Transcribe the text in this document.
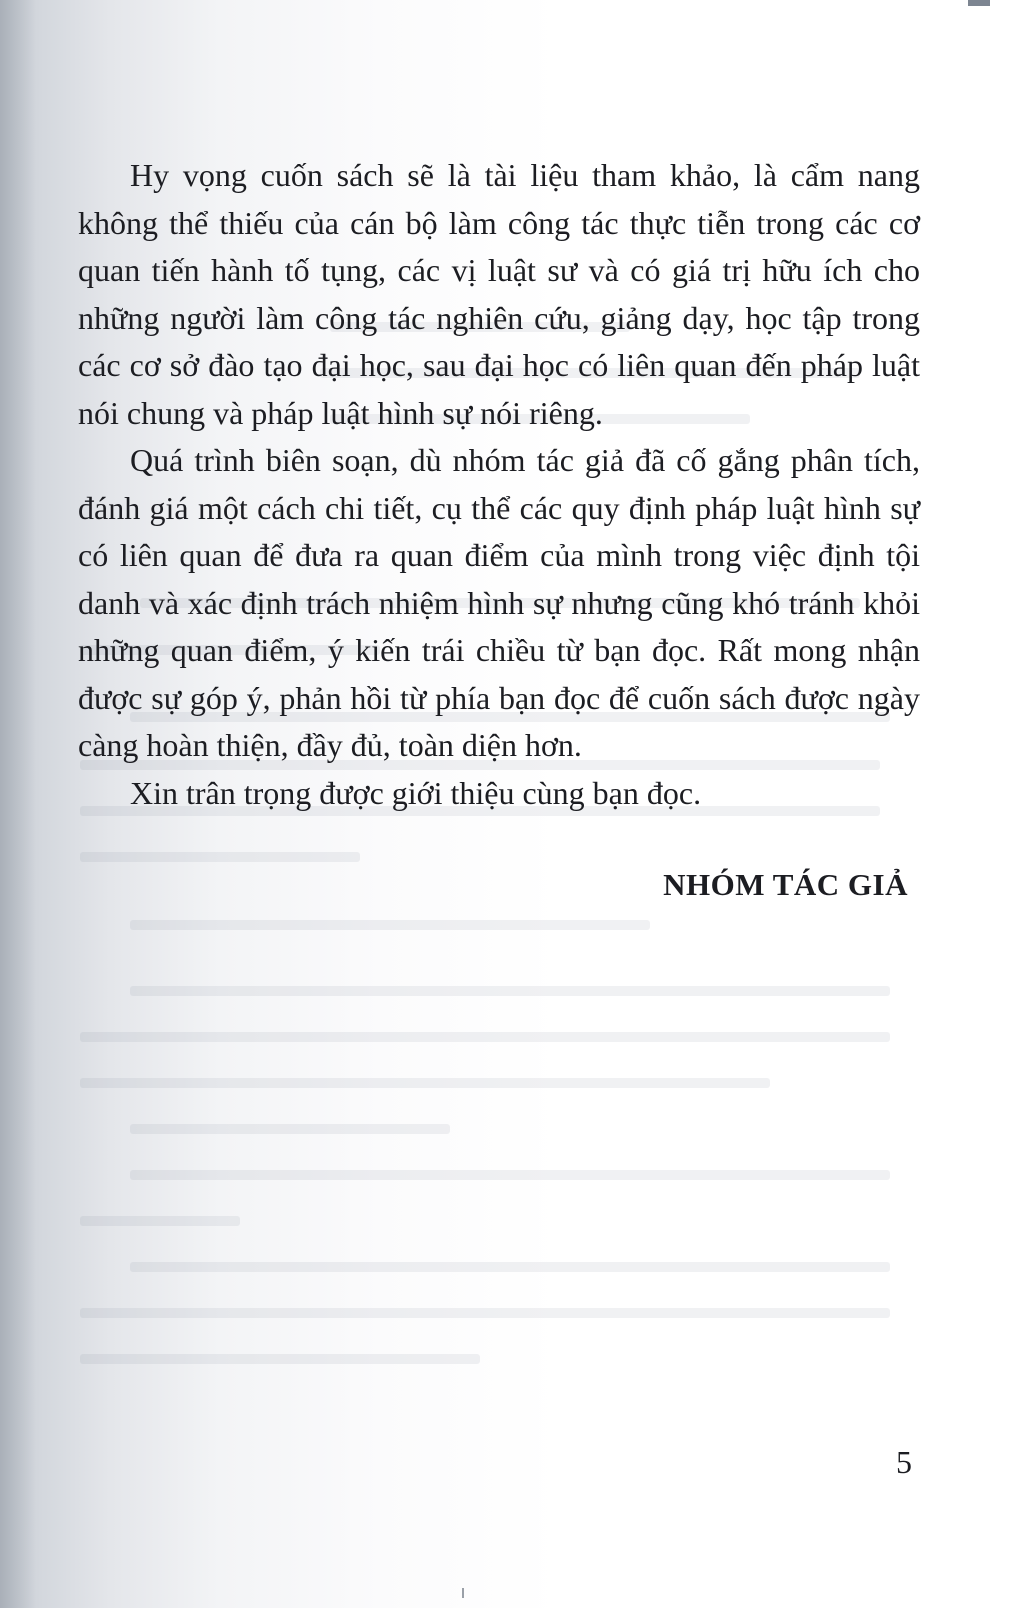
Hy vọng cuốn sách sẽ là tài liệu tham khảo, là cẩm nang không thể thiếu của cán bộ làm công tác thực tiễn trong các cơ quan tiến hành tố tụng, các vị luật sư và có giá trị hữu ích cho những người làm công tác nghiên cứu, giảng dạy, học tập trong các cơ sở đào tạo đại học, sau đại học có liên quan đến pháp luật nói chung và pháp luật hình sự nói riêng.

Quá trình biên soạn, dù nhóm tác giả đã cố gắng phân tích, đánh giá một cách chi tiết, cụ thể các quy định pháp luật hình sự có liên quan để đưa ra quan điểm của mình trong việc định tội danh và xác định trách nhiệm hình sự nhưng cũng khó tránh khỏi những quan điểm, ý kiến trái chiều từ bạn đọc. Rất mong nhận được sự góp ý, phản hồi từ phía bạn đọc để cuốn sách được ngày càng hoàn thiện, đầy đủ, toàn diện hơn.

Xin trân trọng được giới thiệu cùng bạn đọc.

NHÓM TÁC GIẢ
5
